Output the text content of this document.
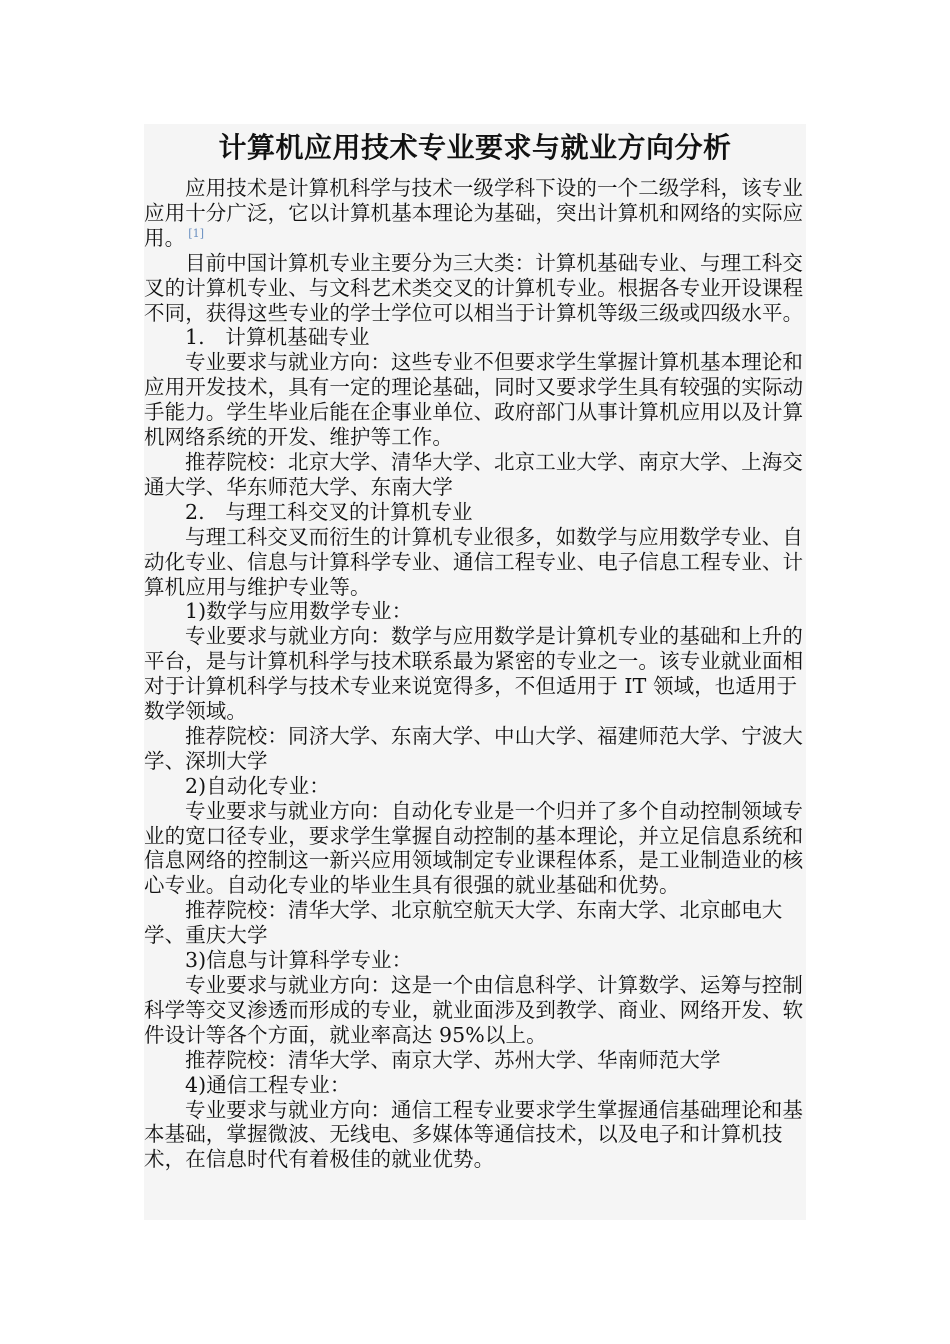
计算机应用技术专业要求与就业方向分析

应用技术是计算机科学与技术一级学科下设的一个二级学科，该专业应用十分广泛，它以计算机基本理论为基础，突出计算机和网络的实际应用。 [1]

目前中国计算机专业主要分为三大类：计算机基础专业、与理工科交叉的计算机专业、与文科艺术类交叉的计算机专业。根据各专业开设课程不同，获得这些专业的学士学位可以相当于计算机等级三级或四级水平。

1.　计算机基础专业

专业要求与就业方向：这些专业不但要求学生掌握计算机基本理论和应用开发技术，具有一定的理论基础，同时又要求学生具有较强的实际动手能力。学生毕业后能在企事业单位、政府部门从事计算机应用以及计算机网络系统的开发、维护等工作。

推荐院校：北京大学、清华大学、北京工业大学、南京大学、上海交通大学、华东师范大学、东南大学

2.　与理工科交叉的计算机专业

与理工科交叉而衍生的计算机专业很多，如数学与应用数学专业、自动化专业、信息与计算科学专业、通信工程专业、电子信息工程专业、计算机应用与维护专业等。

1)数学与应用数学专业：

专业要求与就业方向：数学与应用数学是计算机专业的基础和上升的平台，是与计算机科学与技术联系最为紧密的专业之一。该专业就业面相对于计算机科学与技术专业来说宽得多，不但适用于 IT 领域，也适用于数学领域。

推荐院校：同济大学、东南大学、中山大学、福建师范大学、宁波大学、深圳大学

2)自动化专业：

专业要求与就业方向：自动化专业是一个归并了多个自动控制领域专业的宽口径专业，要求学生掌握自动控制的基本理论，并立足信息系统和信息网络的控制这一新兴应用领域制定专业课程体系，是工业制造业的核心专业。自动化专业的毕业生具有很强的就业基础和优势。

推荐院校：清华大学、北京航空航天大学、东南大学、北京邮电大学、重庆大学

3)信息与计算科学专业：

专业要求与就业方向：这是一个由信息科学、计算数学、运筹与控制科学等交叉渗透而形成的专业，就业面涉及到教学、商业、网络开发、软件设计等各个方面，就业率高达 95%以上。

推荐院校：清华大学、南京大学、苏州大学、华南师范大学

4)通信工程专业：

专业要求与就业方向：通信工程专业要求学生掌握通信基础理论和基本基础，掌握微波、无线电、多媒体等通信技术，以及电子和计算机技术，在信息时代有着极佳的就业优势。
